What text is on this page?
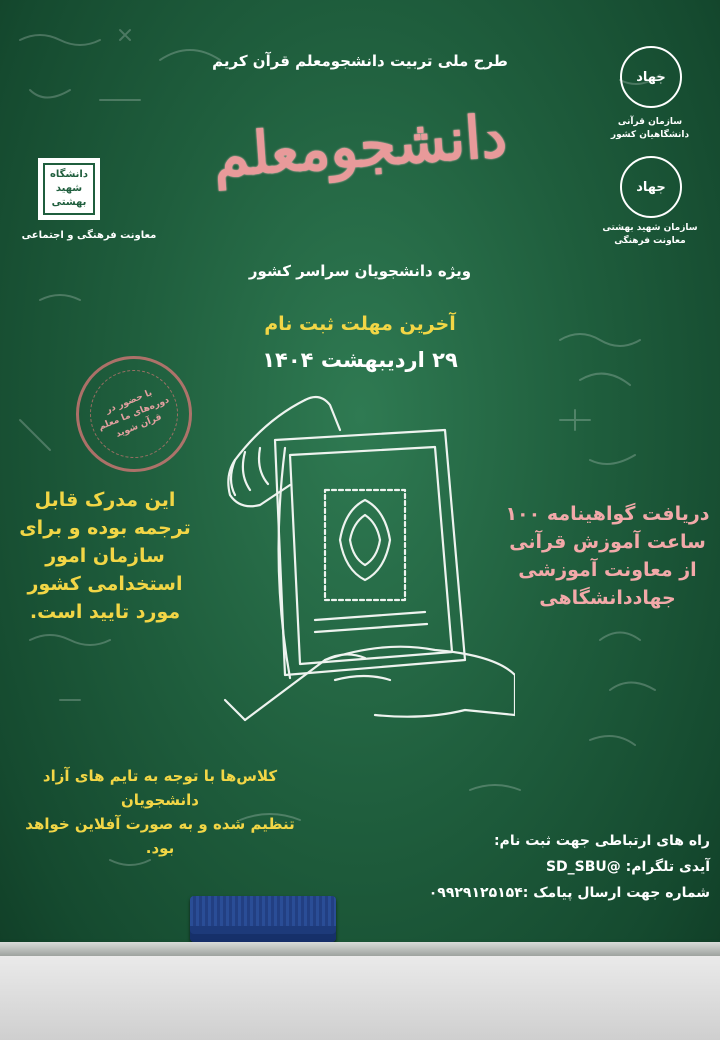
طرح ملی تربیت دانشجومعلم قرآن کریم
دانشجومعلم
ویژه دانشجویان سراسر کشور
آخرین مهلت ثبت نام
۲۹ اردیبهشت ۱۴۰۴
جهاد
سازمان قرآنی
دانشگاهیان کشور
جهاد
سازمان شهید بهشتی
معاونت فرهنگی
دانشگاه شهید بهشتی
معاونت فرهنگی و اجتماعی
با حضور در دوره‌های ما معلم قرآن شوید
این مدرک قابل
ترجمه بوده و برای
سازمان امور
استخدامی کشور
مورد تایید است.
دریافت گواهینامه ۱۰۰
ساعت آموزش قرآنی
از معاونت آموزشی
جهاددانشگاهی
کلاس‌ها با توجه به تایم های آزاد
دانشجویان
تنظیم شده و به صورت آفلاین خواهد
بود.	راه های ارتباطی جهت ثبت نام:
آیدی تلگرام: @SD_SBU
شماره جهت ارسال پیامک :۰۹۹۲۹۱۲۵۱۵۴
